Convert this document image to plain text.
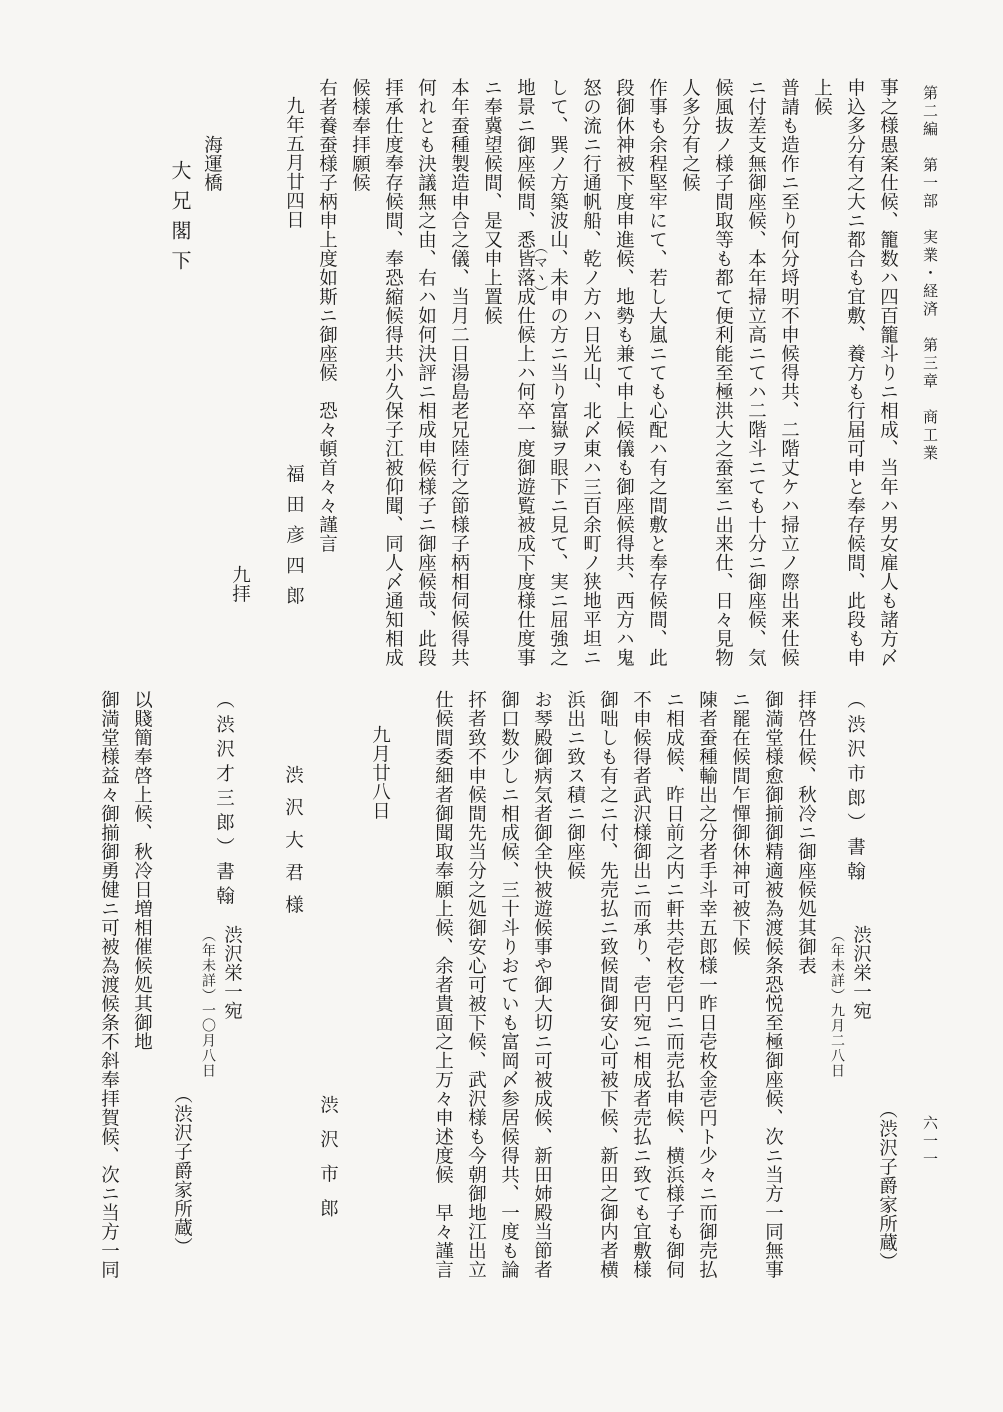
第二編　第一部　実業・経済　第三章　商工業
六一一
事之様愚案仕候、籠数ハ四百籠斗りニ相成、当年ハ男女雇人も諸方〆
申込多分有之大ニ都合も宜敷、養方も行届可申と奉存候間、此段も申
上候
普請も造作ニ至り何分埒明不申候得共、二階丈ケハ掃立ノ際出来仕候
ニ付差支無御座候、本年掃立高ニてハ二階斗ニても十分ニ御座候、気
候風抜ノ様子間取等も都て便利能至極洪大之蚕室ニ出来仕、日々見物
人多分有之候
作事も余程堅牢にて、若し大嵐ニても心配ハ有之間敷と奉存候間、此
段御休神被下度申進候、地勢も兼て申上候儀も御座候得共、西方ハ鬼
怒の流ニ行通帆船、乾ノ方ハ日光山、北〆東ハ三百余町ノ狭地平坦ニ
（マヽ） して、巽ノ方築波山、未申の方ニ当り富嶽ヲ眼下ニ見て、実ニ屈強之
地景ニ御座候間、悉皆落成仕候上ハ何卒一度御遊覧被成下度様仕度事
ニ奉冀望候間、是又申上置候
本年蚕種製造申合之儀、当月二日湯島老兄陸行之節様子柄相伺候得共
何れとも決議無之由、右ハ如何決評ニ相成申候様子ニ御座候哉、此段
拝承仕度奉存候間、奉恐縮候得共小久保子江被仰聞、同人〆通知相成
候様奉拝願候
右者養蚕様子柄申上度如斯ニ御座候　恐々頓首々々謹言
九年五月廿四日
福田彦四郎
九拝
海運橋
大兄閣下
（渋沢子爵家所蔵）
（渋沢市郎）書翰
渋沢栄一宛
（年未詳）九月二八日
拝啓仕候、秋冷ニ御座候処其御表
御満堂様愈御揃御精適被為渡候条恐悦至極御座候、次ニ当方一同無事
ニ罷在候間乍憚御休神可被下候
陳者蚕種輸出之分者手斗幸五郎様一昨日壱枚金壱円ト少々ニ而御売払
ニ相成候、昨日前之内ニ軒共壱枚壱円ニ而売払申候、横浜様子も御伺
不申候得者武沢様御出ニ而承り、壱円宛ニ相成者売払ニ致ても宜敷様
御咄しも有之ニ付、先売払ニ致候間御安心可被下候、新田之御内者横
浜出ニ致ス積ニ御座候
お琴殿御病気者御全快被遊候事や御大切ニ可被成候、新田姉殿当節者
御口数少しニ相成候、三十斗りおていも富岡〆参居候得共、一度も論
抔者致不申候間先当分之処御安心可被下候、武沢様も今朝御地江出立
仕候間委細者御聞取奉願上候、余者貴面之上万々申述度候　早々謹言
九月廿八日
渋沢市郎
渋沢大君様
（渋沢子爵家所蔵）
（渋沢才三郎）書翰
渋沢栄一宛
（年未詳）一〇月八日
以賤簡奉啓上候、秋冷日増相催候処其御地
御満堂様益々御揃御勇健ニ可被為渡候条不斜奉拝賀候、次ニ当方一同
